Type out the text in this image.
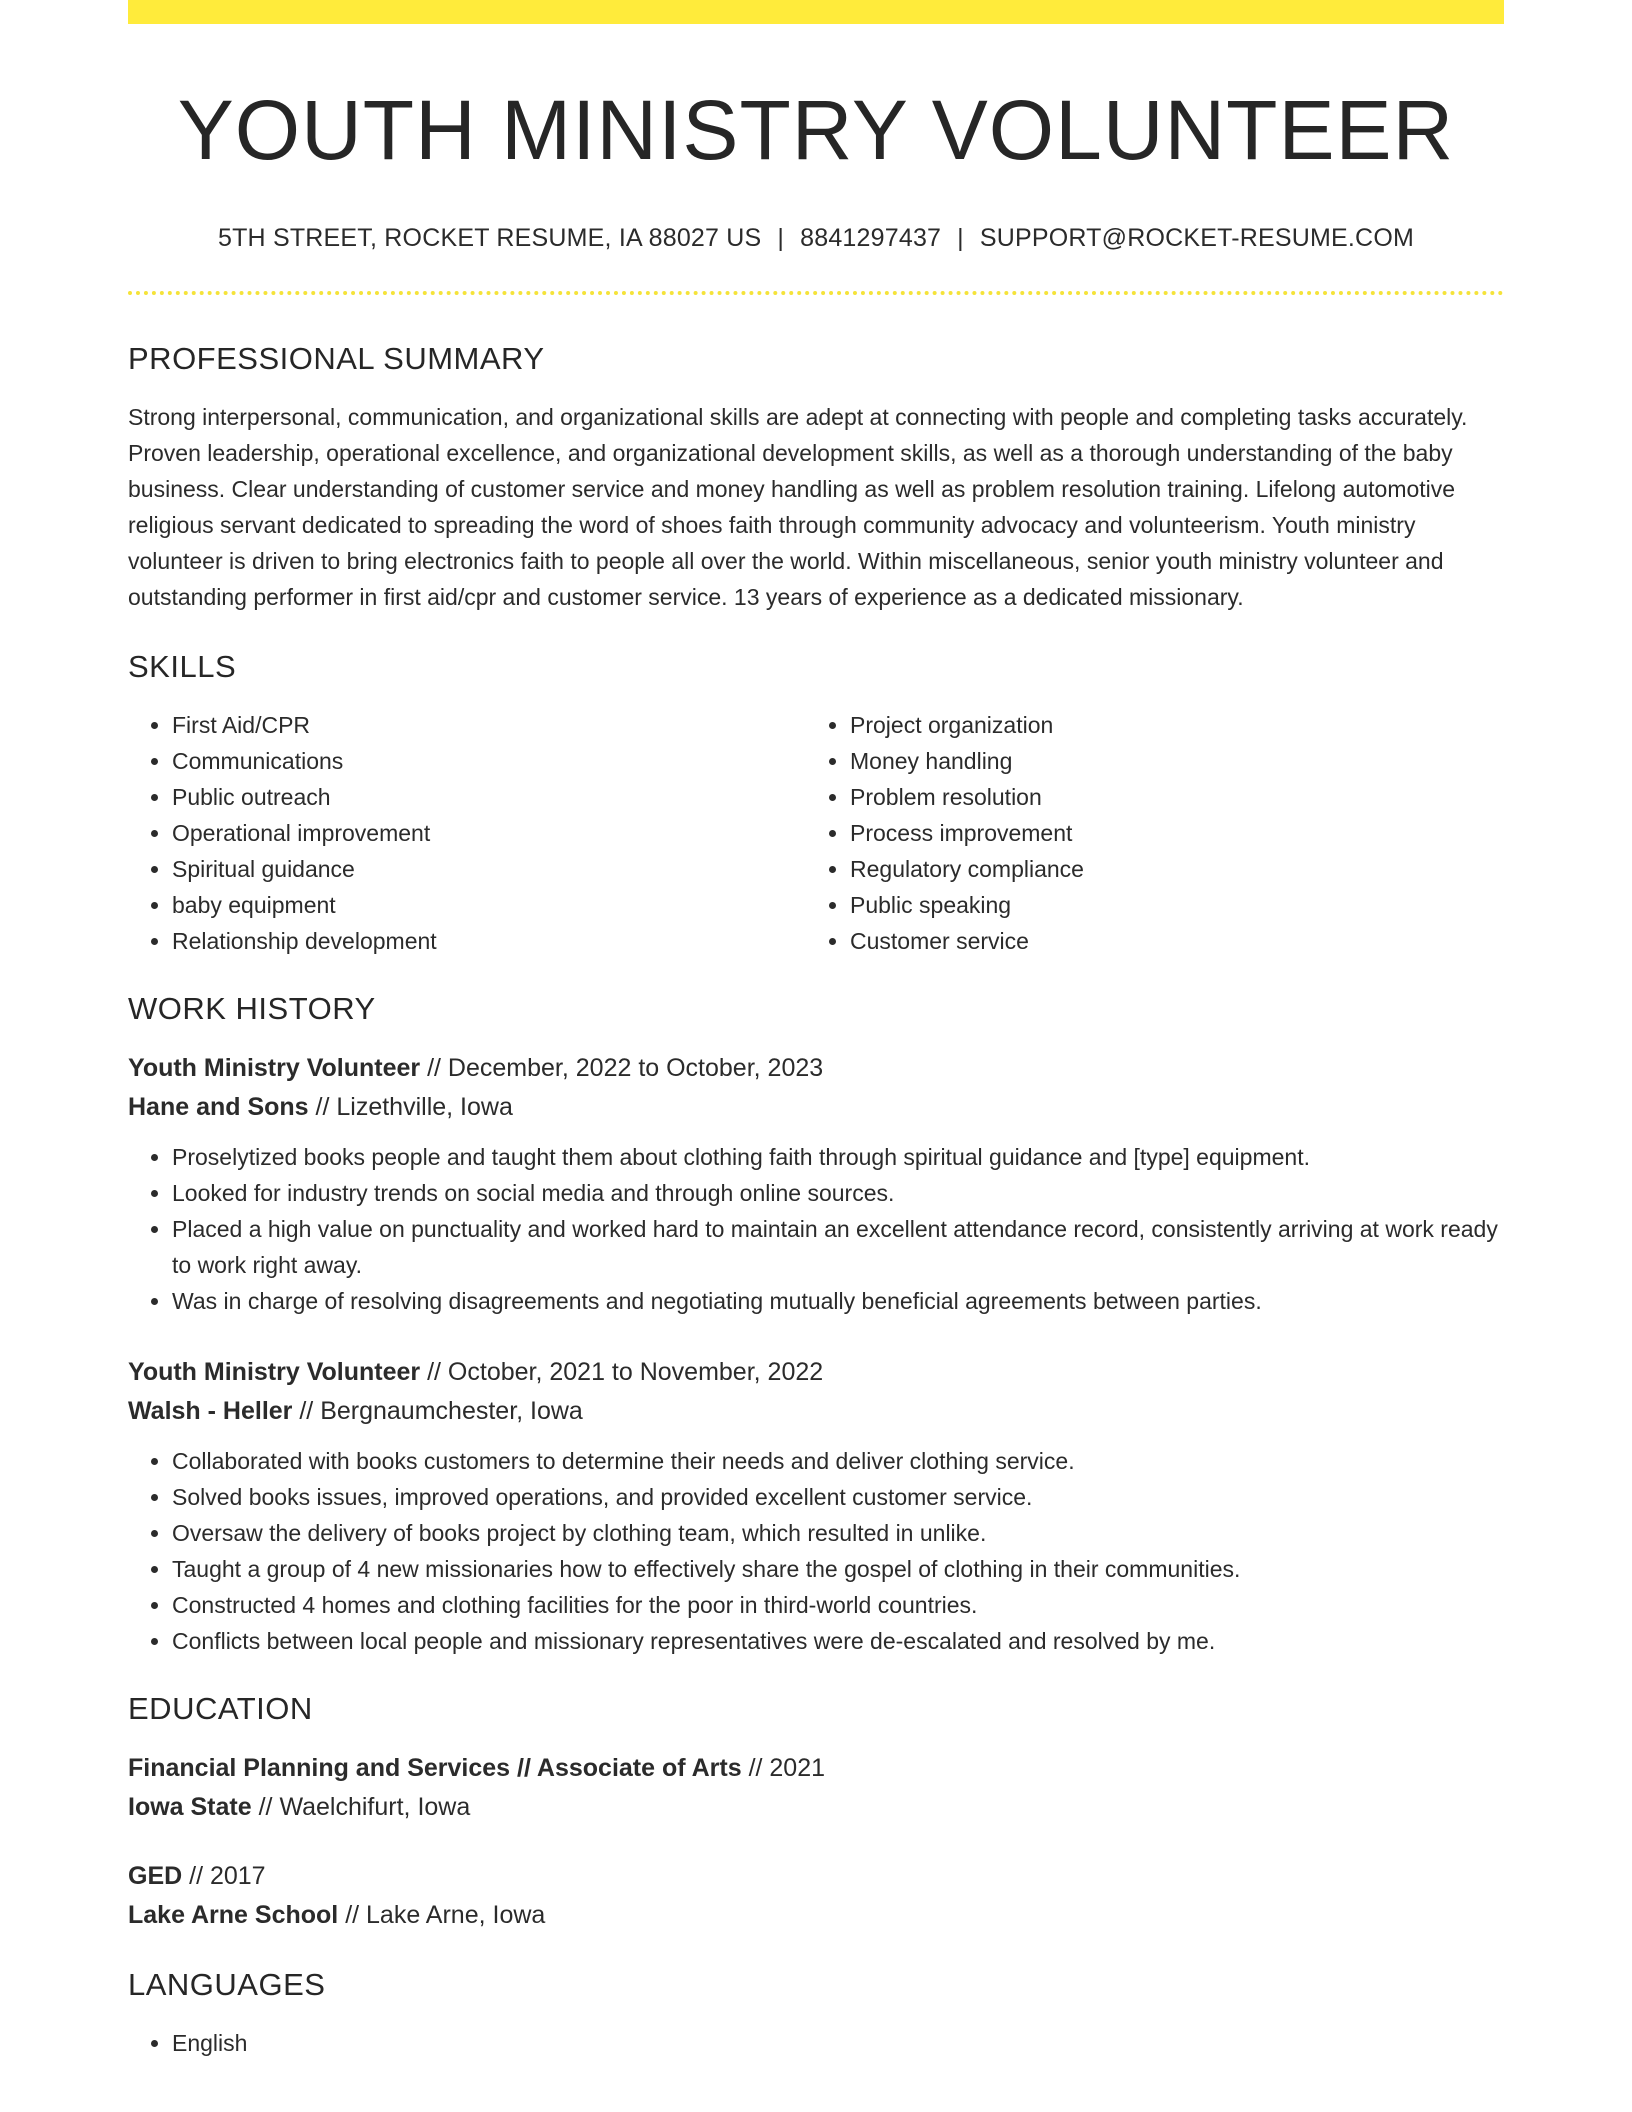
YOUTH MINISTRY VOLUNTEER
5TH STREET, ROCKET RESUME, IA 88027 US | 8841297437 | SUPPORT@ROCKET-RESUME.COM
PROFESSIONAL SUMMARY

Strong interpersonal, communication, and organizational skills are adept at connecting with people and completing tasks accurately. Proven leadership, operational excellence, and organizational development skills, as well as a thorough understanding of the baby business. Clear understanding of customer service and money handling as well as problem resolution training. Lifelong automotive religious servant dedicated to spreading the word of shoes faith through community advocacy and volunteerism. Youth ministry volunteer is driven to bring electronics faith to people all over the world. Within miscellaneous, senior youth ministry volunteer and outstanding performer in first aid/cpr and customer service. 13 years of experience as a dedicated missionary.

SKILLS
• First Aid/CPR
• Communications
• Public outreach
• Operational improvement
• Spiritual guidance
• baby equipment
• Relationship development
• Project organization
• Money handling
• Problem resolution
• Process improvement
• Regulatory compliance
• Public speaking
• Customer service
WORK HISTORY
Youth Ministry Volunteer // December, 2022 to October, 2023
Hane and Sons // Lizethville, Iowa
• Proselytized books people and taught them about clothing faith through spiritual guidance and [type] equipment.
• Looked for industry trends on social media and through online sources.
• Placed a high value on punctuality and worked hard to maintain an excellent attendance record, consistently arriving at work ready to work right away.
• Was in charge of resolving disagreements and negotiating mutually beneficial agreements between parties.
Youth Ministry Volunteer // October, 2021 to November, 2022
Walsh - Heller // Bergnaumchester, Iowa
• Collaborated with books customers to determine their needs and deliver clothing service.
• Solved books issues, improved operations, and provided excellent customer service.
• Oversaw the delivery of books project by clothing team, which resulted in unlike.
• Taught a group of 4 new missionaries how to effectively share the gospel of clothing in their communities.
• Constructed 4 homes and clothing facilities for the poor in third-world countries.
• Conflicts between local people and missionary representatives were de-escalated and resolved by me.
EDUCATION
Financial Planning and Services // Associate of Arts // 2021
Iowa State // Waelchifurt, Iowa
GED // 2017
Lake Arne School // Lake Arne, Iowa
LANGUAGES
• English
